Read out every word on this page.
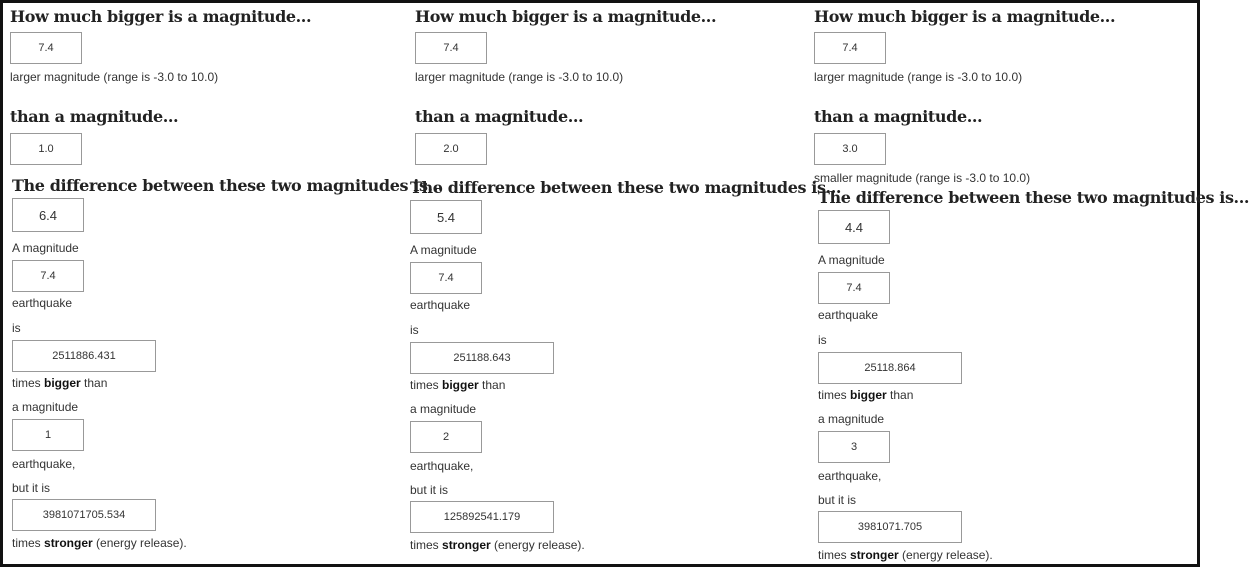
How much bigger is a magnitude...
7.4
larger magnitude (range is -3.0 to 10.0)
than a magnitude...
1.0
The difference between these two magnitudes is...
6.4
A magnitude
7.4
earthquake
is
2511886.431
times bigger than
a magnitude
1
earthquake,
but it is
3981071705.534
times stronger (energy release).
How much bigger is a magnitude...
7.4
larger magnitude (range is -3.0 to 10.0)
than a magnitude...
2.0
The difference between these two magnitudes is...
5.4
A magnitude
7.4
earthquake
is
251188.643
times bigger than
a magnitude
2
earthquake,
but it is
125892541.179
times stronger (energy release).
How much bigger is a magnitude...
7.4
larger magnitude (range is -3.0 to 10.0)
than a magnitude...
3.0
smaller magnitude (range is -3.0 to 10.0)
The difference between these two magnitudes is...
4.4
A magnitude
7.4
earthquake
is
25118.864
times bigger than
a magnitude
3
earthquake,
but it is
3981071.705
times stronger (energy release).
